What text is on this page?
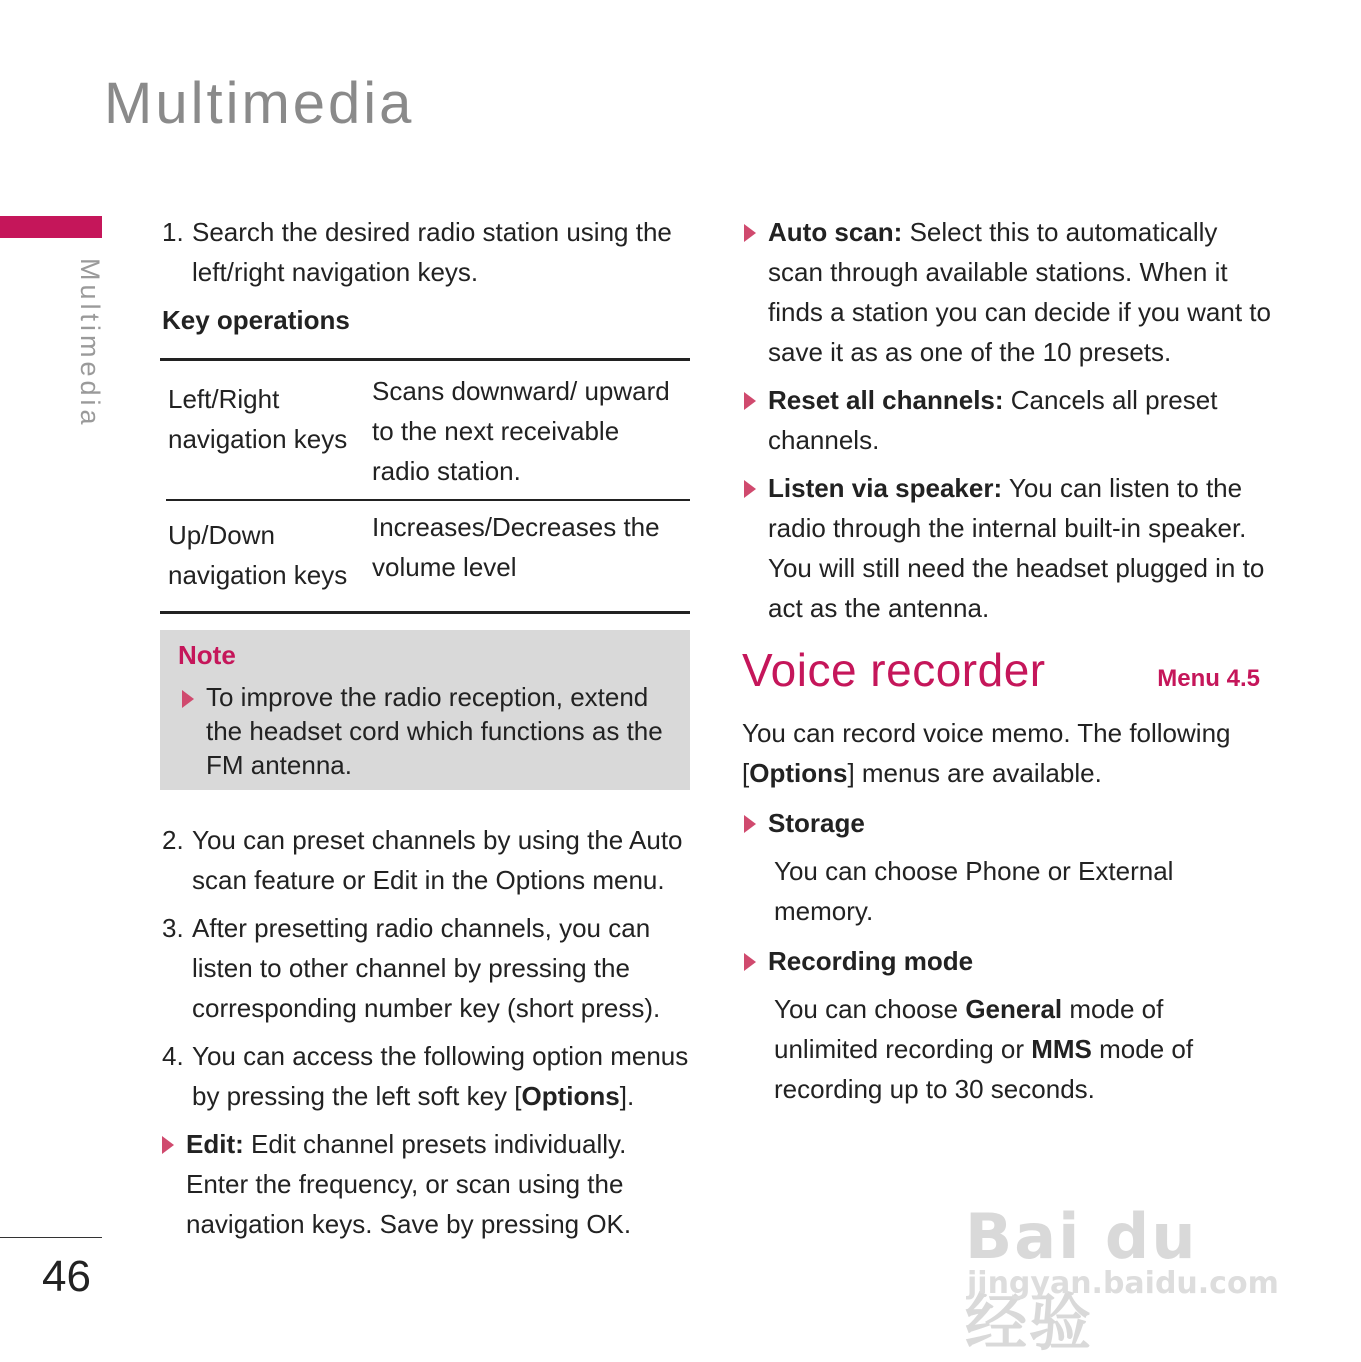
Multimedia
Multimedia
46
1. Search the desired radio station using the left/right navigation keys.
Key operations
Left/Right navigation keys
Scans downward/ upward to the next receivable radio station.
Up/Down navigation keys
Increases/Decreases the volume level
Note
To improve the radio reception, extend the headset cord which functions as the FM antenna.
2. You can preset channels by using the Auto scan feature or Edit in the Options menu.
3. After presetting radio channels, you can listen to other channel by pressing the corresponding number key (short press).
4. You can access the following option menus by pressing the left soft key [Options].
Edit: Edit channel presets individually. Enter the frequency, or scan using the navigation keys. Save by pressing OK.
Auto scan: Select this to automatically scan through available stations. When it finds a station you can decide if you want to save it as as one of the 10 presets.
Reset all channels: Cancels all preset channels.
Listen via speaker: You can listen to the radio through the internal built-in speaker. You will still need the headset plugged in to act as the antenna.
Voice recorder	Menu 4.5
You can record voice memo. The following [Options] menus are available.
Storage
You can choose Phone or External memory.
Recording mode
You can choose General mode of unlimited recording or MMS mode of recording up to 30 seconds.
Bai du 经验
jingyan.baidu.com
